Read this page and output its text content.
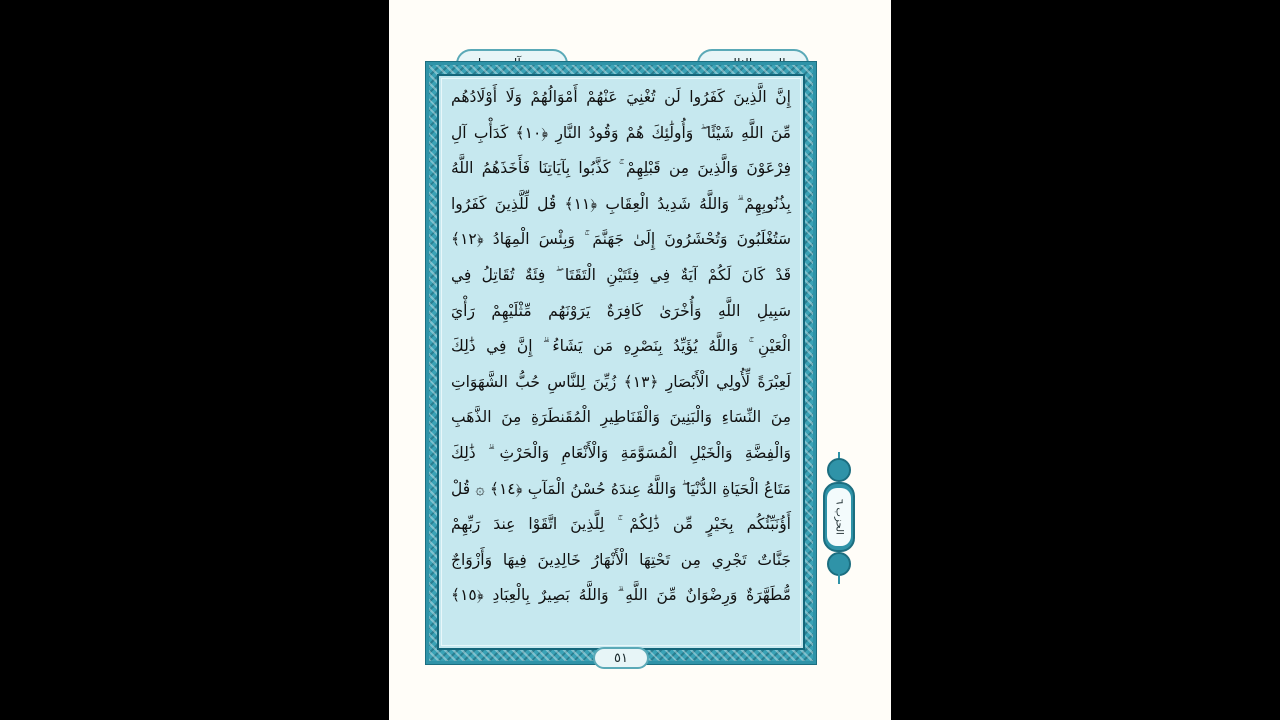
إِنَّ الَّذِينَ كَفَرُوا لَن تُغْنِيَ عَنْهُمْ أَمْوَالُهُمْ وَلَا أَوْلَادُهُم
مِّنَ اللَّهِ شَيْئًا ۖ وَأُولَٰئِكَ هُمْ وَقُودُ النَّارِ ﴿١٠﴾ كَدَأْبِ آلِ
فِرْعَوْنَ وَالَّذِينَ مِن قَبْلِهِمْ ۚ كَذَّبُوا بِآيَاتِنَا فَأَخَذَهُمُ اللَّهُ
بِذُنُوبِهِمْ ۗ وَاللَّهُ شَدِيدُ الْعِقَابِ ﴿١١﴾ قُل لِّلَّذِينَ كَفَرُوا
سَتُغْلَبُونَ وَتُحْشَرُونَ إِلَىٰ جَهَنَّمَ ۚ وَبِئْسَ الْمِهَادُ ﴿١٢﴾
قَدْ كَانَ لَكُمْ آيَةٌ فِي فِئَتَيْنِ الْتَقَتَا ۖ فِئَةٌ تُقَاتِلُ فِي
سَبِيلِ اللَّهِ وَأُخْرَىٰ كَافِرَةٌ يَرَوْنَهُم مِّثْلَيْهِمْ رَأْيَ
الْعَيْنِ ۚ وَاللَّهُ يُؤَيِّدُ بِنَصْرِهِ مَن يَشَاءُ ۗ إِنَّ فِي ذَٰلِكَ
لَعِبْرَةً لِّأُولِي الْأَبْصَارِ ﴿١٣﴾ زُيِّنَ لِلنَّاسِ حُبُّ الشَّهَوَاتِ
مِنَ النِّسَاءِ وَالْبَنِينَ وَالْقَنَاطِيرِ الْمُقَنطَرَةِ مِنَ الذَّهَبِ
وَالْفِضَّةِ وَالْخَيْلِ الْمُسَوَّمَةِ وَالْأَنْعَامِ وَالْحَرْثِ ۗ ذَٰلِكَ
مَتَاعُ الْحَيَاةِ الدُّنْيَا ۖ وَاللَّهُ عِندَهُ حُسْنُ الْمَآبِ ﴿١٤﴾ ۞ قُلْ
أَؤُنَبِّئُكُم بِخَيْرٍ مِّن ذَٰلِكُمْ ۚ لِلَّذِينَ اتَّقَوْا عِندَ رَبِّهِمْ
جَنَّاتٌ تَجْرِي مِن تَحْتِهَا الْأَنْهَارُ خَالِدِينَ فِيهَا وَأَزْوَاجٌ
مُّطَهَّرَةٌ وَرِضْوَانٌ مِّنَ اللَّهِ ۗ وَاللَّهُ بَصِيرٌ بِالْعِبَادِ ﴿١٥﴾
٥١
الحزب ٦
